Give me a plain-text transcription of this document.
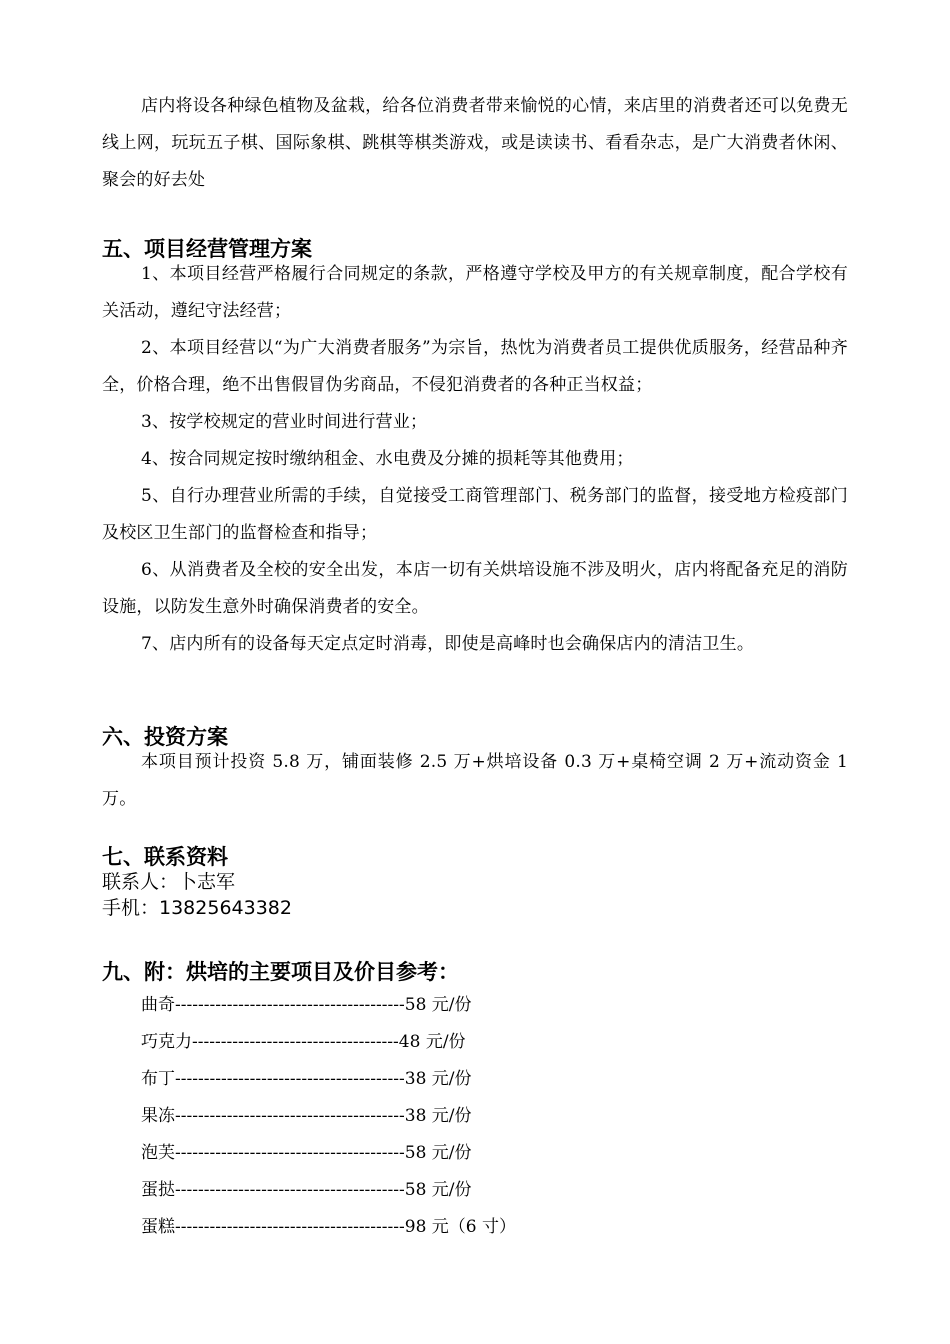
店内将设各种绿色植物及盆栽，给各位消费者带来愉悦的心情，来店里的消费者还可以免费无线上网，玩玩五子棋、国际象棋、跳棋等棋类游戏，或是读读书、看看杂志，是广大消费者休闲、聚会的好去处

五、项目经营管理方案

1、本项目经营严格履行合同规定的条款，严格遵守学校及甲方的有关规章制度，配合学校有关活动，遵纪守法经营；

2、本项目经营以“为广大消费者服务”为宗旨，热忱为消费者员工提供优质服务，经营品种齐全，价格合理，绝不出售假冒伪劣商品，不侵犯消费者的各种正当权益；

3、按学校规定的营业时间进行营业；

4、按合同规定按时缴纳租金、水电费及分摊的损耗等其他费用；

5、自行办理营业所需的手续，自觉接受工商管理部门、税务部门的监督，接受地方检疫部门及校区卫生部门的监督检查和指导；

6、从消费者及全校的安全出发，本店一切有关烘培设施不涉及明火，店内将配备充足的消防设施，以防发生意外时确保消费者的安全。

7、店内所有的设备每天定点定时消毒，即使是高峰时也会确保店内的清洁卫生。

六、投资方案

本项目预计投资 5.8 万，铺面装修 2.5 万+烘培设备 0.3 万+桌椅空调 2 万+流动资金 1 万。

七、联系资料

联系人：卜志军

手机：13825643382

九、附：烘培的主要项目及价目参考：
曲奇----------------------------------------58 元/份
巧克力------------------------------------48 元/份
布丁----------------------------------------38 元/份
果冻----------------------------------------38 元/份
泡芙----------------------------------------58 元/份
蛋挞----------------------------------------58 元/份
蛋糕----------------------------------------98 元（6 寸）
